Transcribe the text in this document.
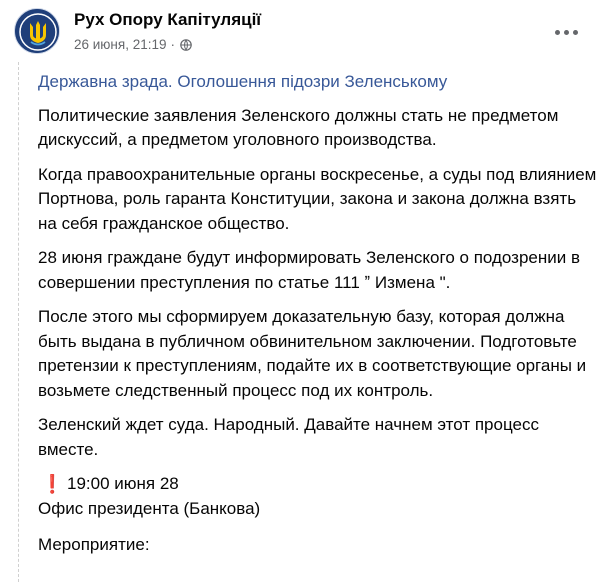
Рух Опору Капітуляції
26 июня, 21:19 ·
Державна зрада. Оголошення підозри Зеленському

Политические заявления Зеленского должны стать не предметом дискуссий, а предметом уголовного производства.

Когда правоохранительные органы воскресенье, а суды под влиянием Портнова, роль гаранта Конституции, закона и закона должна взять на себя гражданское общество.

28 июня граждане будут информировать Зеленского о подозрении в совершении преступления по статье 111 ˮ Измена ".

После этого мы сформируем доказательную базу, которая должна быть выдана в публичном обвинительном заключении. Подготовьте претензии к преступлениям, подайте их в соответствующие органы и возьмете следственный процесс под их контроль.

Зеленский ждет суда. Народный. Давайте начнем этот процесс вместе.

❗ 19:00 июня 28
Офис президента (Банкова)
Мероприятие:
